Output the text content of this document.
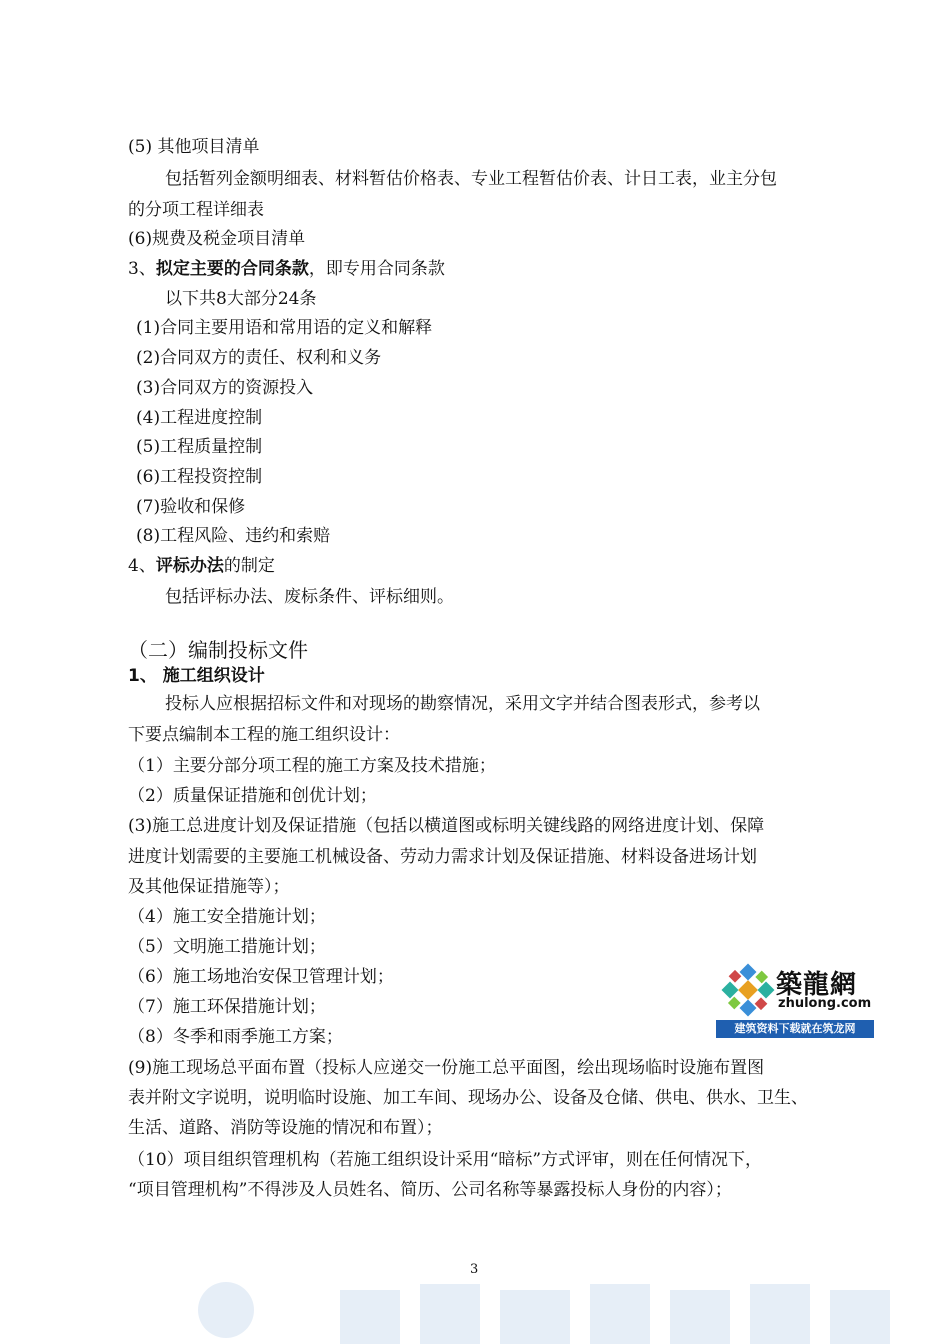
(5) 其他项目清单
包括暂列金额明细表、材料暂估价格表、专业工程暂估价表、计日工表，业主分包
的分项工程详细表
(6)规费及税金项目清单
3、拟定主要的合同条款，即专用合同条款
以下共8大部分24条
(1)合同主要用语和常用语的定义和解释
(2)合同双方的责任、权利和义务
(3)合同双方的资源投入
(4)工程进度控制
(5)工程质量控制
(6)工程投资控制
(7)验收和保修
(8)工程风险、违约和索赔
4、评标办法的制定
包括评标办法、废标条件、评标细则。
（二）编制投标文件
1、 施工组织设计
投标人应根据招标文件和对现场的勘察情况，采用文字并结合图表形式，参考以
下要点编制本工程的施工组织设计：
（1）主要分部分项工程的施工方案及技术措施；
（2）质量保证措施和创优计划；
(3)施工总进度计划及保证措施（包括以横道图或标明关键线路的网络进度计划、保障
进度计划需要的主要施工机械设备、劳动力需求计划及保证措施、材料设备进场计划
及其他保证措施等）；
（4）施工安全措施计划；
（5）文明施工措施计划；
（6）施工场地治安保卫管理计划；
（7）施工环保措施计划；
（8）冬季和雨季施工方案；
(9)施工现场总平面布置（投标人应递交一份施工总平面图，绘出现场临时设施布置图
表并附文字说明，说明临时设施、加工车间、现场办公、设备及仓储、供电、供水、卫生、
生活、道路、消防等设施的情况和布置）；
（10）项目组织管理机构（若施工组织设计采用“暗标”方式评审，则在任何情况下，
“项目管理机构”不得涉及人员姓名、简历、公司名称等暴露投标人身份的内容）；
築龍網
zhulong.com
建筑资料下载就在筑龙网
3
